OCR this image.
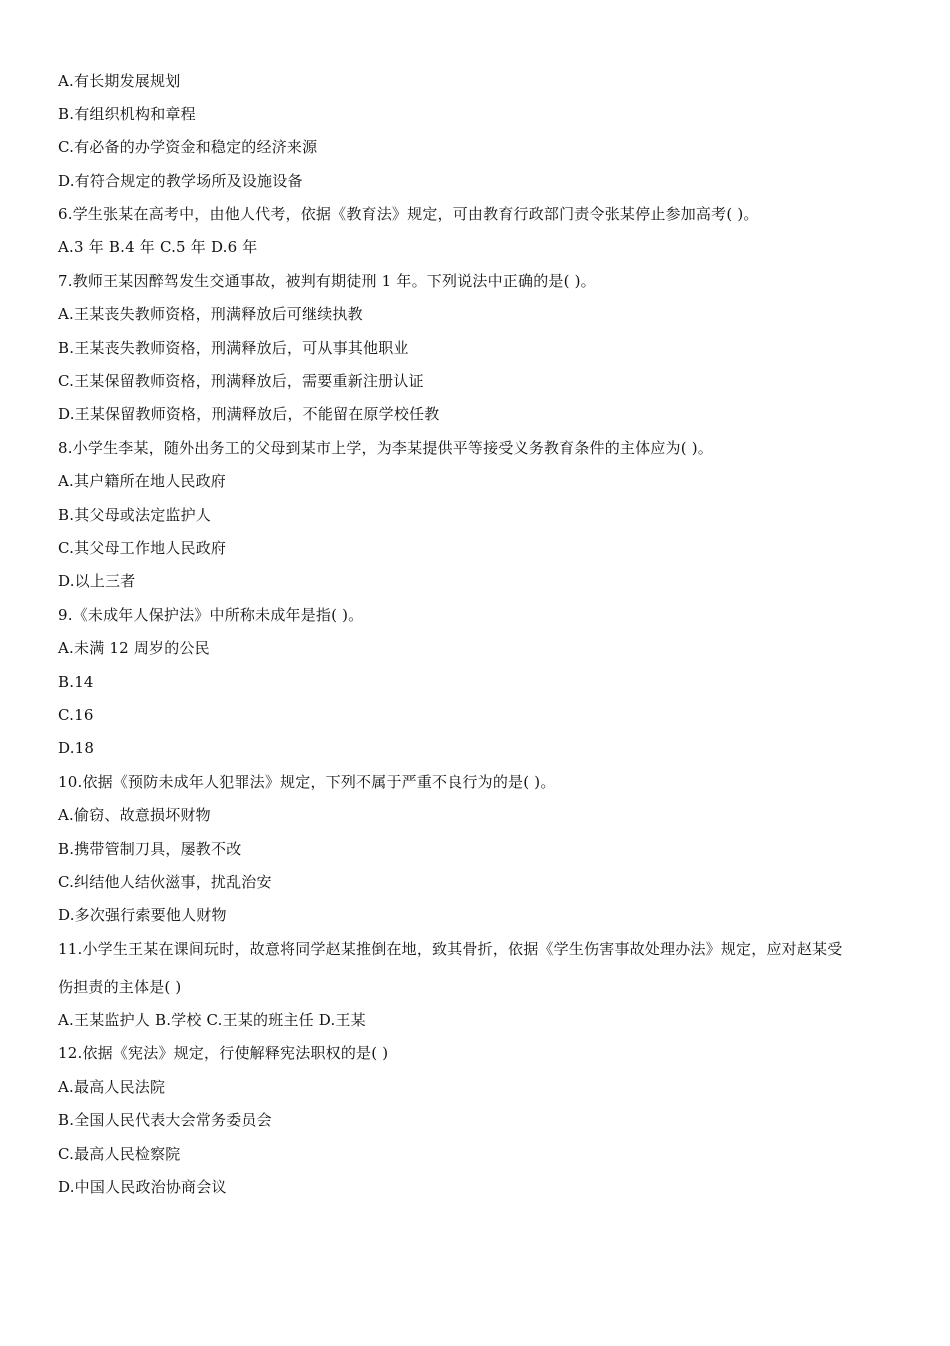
A.有长期发展规划
B.有组织机构和章程
C.有必备的办学资金和稳定的经济来源
D.有符合规定的教学场所及设施设备
6.学生张某在高考中，由他人代考，依据《教育法》规定，可由教育行政部门责令张某停止参加高考( )。
A.3 年 B.4 年 C.5 年 D.6 年
7.教师王某因醉驾发生交通事故，被判有期徒刑 1 年。下列说法中正确的是( )。
A.王某丧失教师资格，刑满释放后可继续执教
B.王某丧失教师资格，刑满释放后，可从事其他职业
C.王某保留教师资格，刑满释放后，需要重新注册认证
D.王某保留教师资格，刑满释放后，不能留在原学校任教
8.小学生李某，随外出务工的父母到某市上学，为李某提供平等接受义务教育条件的主体应为( )。
A.其户籍所在地人民政府
B.其父母或法定监护人
C.其父母工作地人民政府
D.以上三者
9.《未成年人保护法》中所称未成年是指( )。
A.未满 12 周岁的公民
B.14
C.16
D.18
10.依据《预防未成年人犯罪法》规定，下列不属于严重不良行为的是( )。
A.偷窃、故意损坏财物
B.携带管制刀具，屡教不改
C.纠结他人结伙滋事，扰乱治安
D.多次强行索要他人财物
11.小学生王某在课间玩时，故意将同学赵某推倒在地，致其骨折，依据《学生伤害事故处理办法》规定，应对赵某受
伤担责的主体是( )
A.王某监护人 B.学校 C.王某的班主任 D.王某
12.依据《宪法》规定，行使解释宪法职权的是( )
A.最高人民法院
B.全国人民代表大会常务委员会
C.最高人民检察院
D.中国人民政治协商会议
